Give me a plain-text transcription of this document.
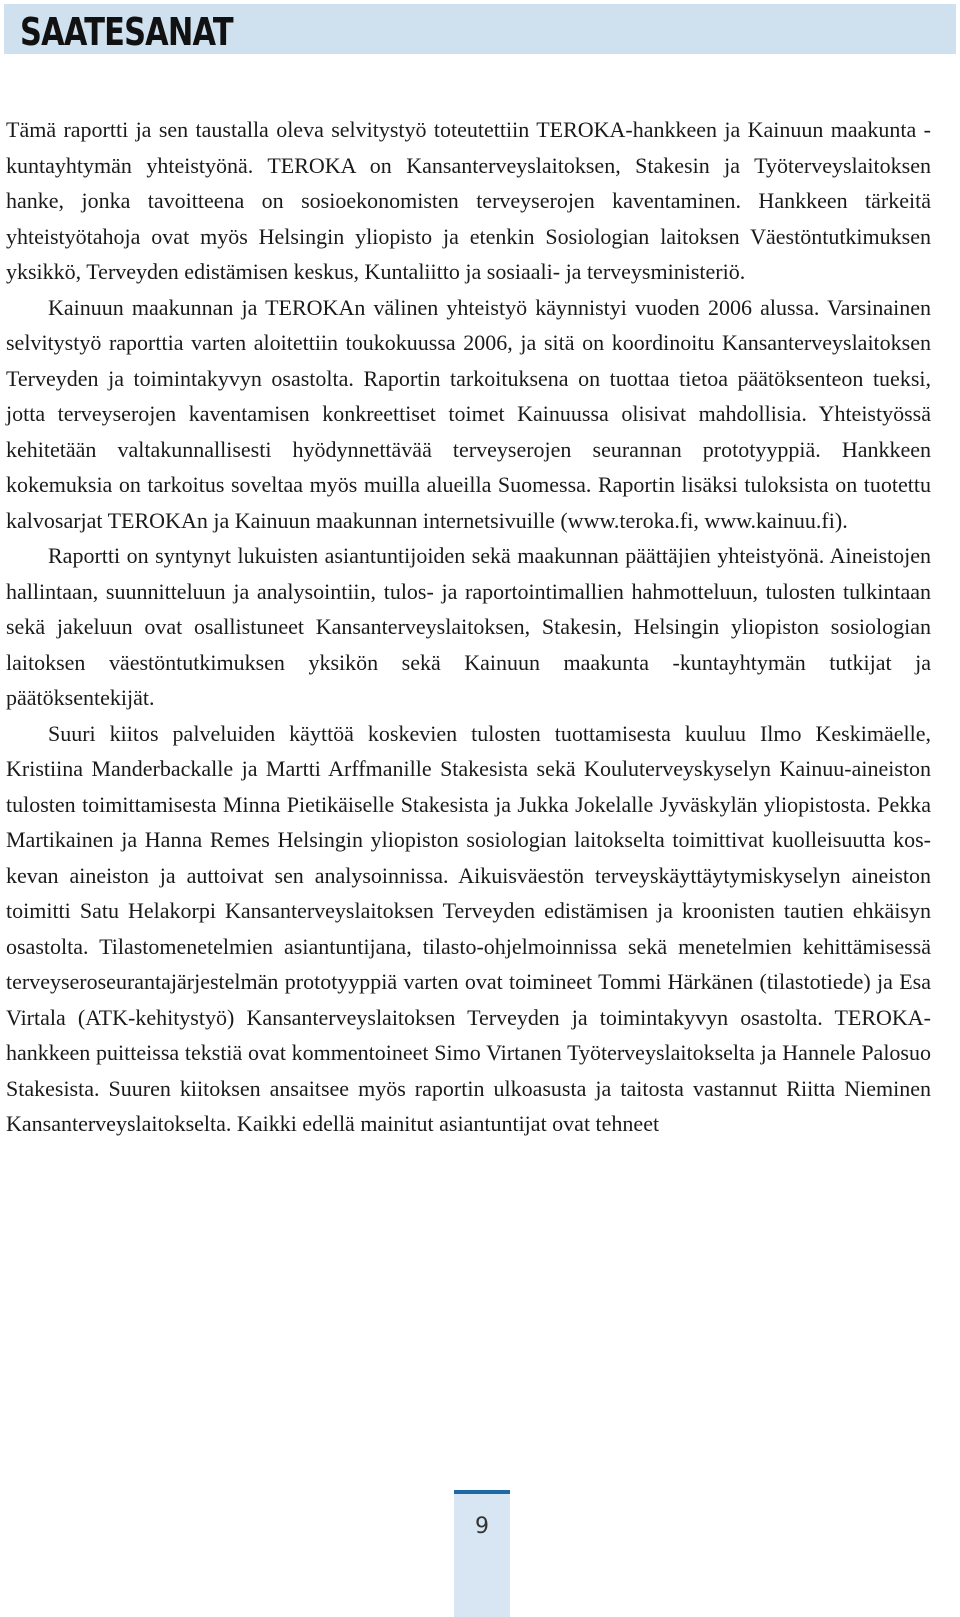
SAATESANAT

Tämä raportti ja sen taustalla oleva selvitystyö toteutettiin TEROKA-hankkeen ja Kainuun maakunta -kuntayhtymän yhteistyönä. TEROKA on Kansanterveyslaitoksen, Stakesin ja Työterveyslaitoksen hanke, jonka tavoitteena on sosioekonomisten terveyserojen kaventaminen. Hankkeen tärkeitä yhteistyötahoja ovat myös Helsingin yliopisto ja etenkin Sosiologian laitoksen Väestöntutkimuksen yksikkö, Terveyden edistämisen keskus, Kuntaliitto ja sosiaali- ja terveysministeriö.

Kainuun maakunnan ja TEROKAn välinen yhteistyö käynnistyi vuoden 2006 alussa. Varsinainen selvitystyö raporttia varten aloitettiin toukokuussa 2006, ja sitä on koordinoitu Kansanterveyslaitoksen Terveyden ja toimintakyvyn osastolta. Raportin tarkoituksena on tuottaa tietoa päätöksenteon tueksi, jotta terveyserojen kaventamisen konkreettiset toimet Kainuussa olisivat mahdollisia. Yhteistyössä kehitetään valtakunnallisesti hyödynnettävää terveyserojen seurannan prototyyppiä. Hankkeen kokemuksia on tarkoitus soveltaa myös muilla alueilla Suomessa. Raportin lisäksi tuloksista on tuotettu kalvosarjat TEROKAn ja Kainuun maakunnan internetsivuille (www.teroka.fi, www.kainuu.fi).

Raportti on syntynyt lukuisten asiantuntijoiden sekä maakunnan päättäjien yhteistyönä. Aineistojen hallintaan, suunnitteluun ja analysointiin, tulos- ja raportointimallien hahmotteluun, tulosten tulkintaan sekä jakeluun ovat osallistuneet Kansanterveyslaitoksen, Stakesin, Helsingin yliopiston sosiologian laitoksen väestöntutkimuksen yksikön sekä Kainuun maakunta -kuntayhtymän tutkijat ja päätöksentekijät.

Suuri kiitos palveluiden käyttöä koskevien tulosten tuottamisesta kuuluu Ilmo Keskimäelle, Kristiina Manderbackalle ja Martti Arffmanille Stakesista sekä Kouluterveyskyselyn Kainuu-aineiston tulosten toimittamisesta Minna Pietikäiselle Stakesista ja Jukka Jokelalle Jyväskylän yliopistosta. Pekka Martikainen ja Hanna Remes Helsingin yliopiston sosiologian laitokselta toimittivat kuolleisuutta koskevan aineiston ja auttoivat sen analysoinnissa. Aikuisväestön terveyskäyttäytymiskyselyn aineiston toimitti Satu Helakorpi Kansanterveyslaitoksen Terveyden edistämisen ja kroonisten tautien ehkäisyn osastolta. Tilastomenetelmien asiantuntijana, tilasto-ohjelmoinnissa sekä menetelmien kehittämisessä terveyseroseurantajärjestelmän prototyyppiä varten ovat toimineet Tommi Härkänen (tilastotiede) ja Esa Virtala (ATK-kehitystyö) Kansanterveyslaitoksen Terveyden ja toimintakyvyn osastolta. TEROKA-hankkeen puitteissa tekstiä ovat kommentoineet Simo Virtanen Työterveyslaitokselta ja Hannele Palosuo Stakesista. Suuren kiitoksen ansaitsee myös raportin ulkoasusta ja taitosta vastannut Riitta Nieminen Kansanterveyslaitokselta. Kaikki edellä mainitut asiantuntijat ovat tehneet

9
